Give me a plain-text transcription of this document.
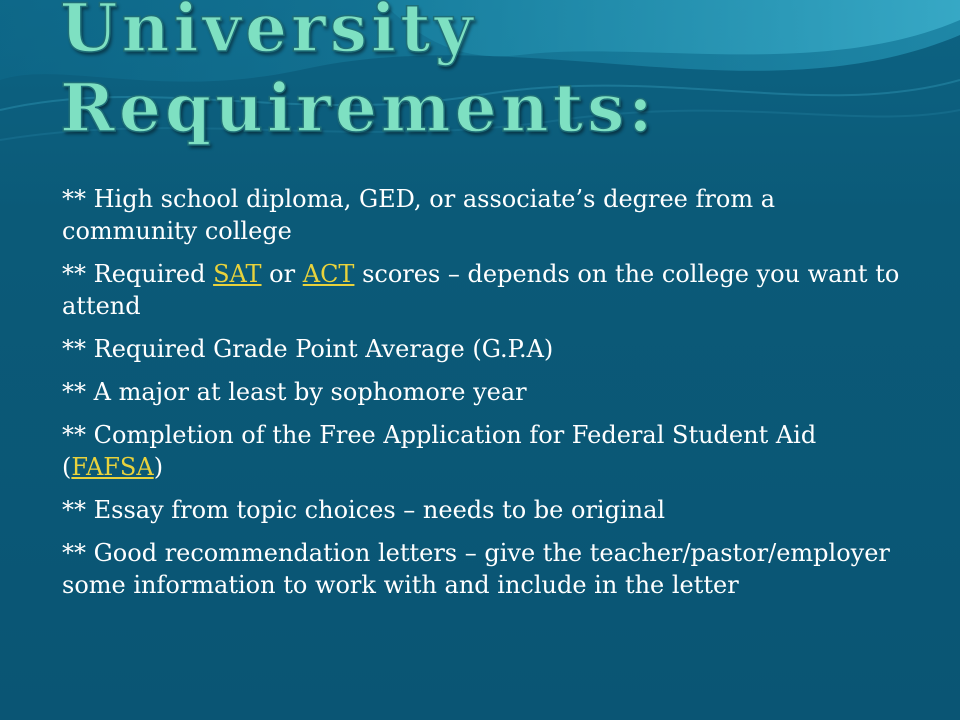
University
Requirements:
** High school diploma, GED, or associate’s degree from a community college
** Required SAT or ACT scores – depends on the college you want to attend
** Required Grade Point Average (G.P.A)
** A major at least by sophomore year
** Completion of the Free Application for Federal Student Aid (FAFSA)
** Essay from topic choices – needs to be original
** Good recommendation letters – give the teacher/pastor/employer some information to work with and include in the letter
